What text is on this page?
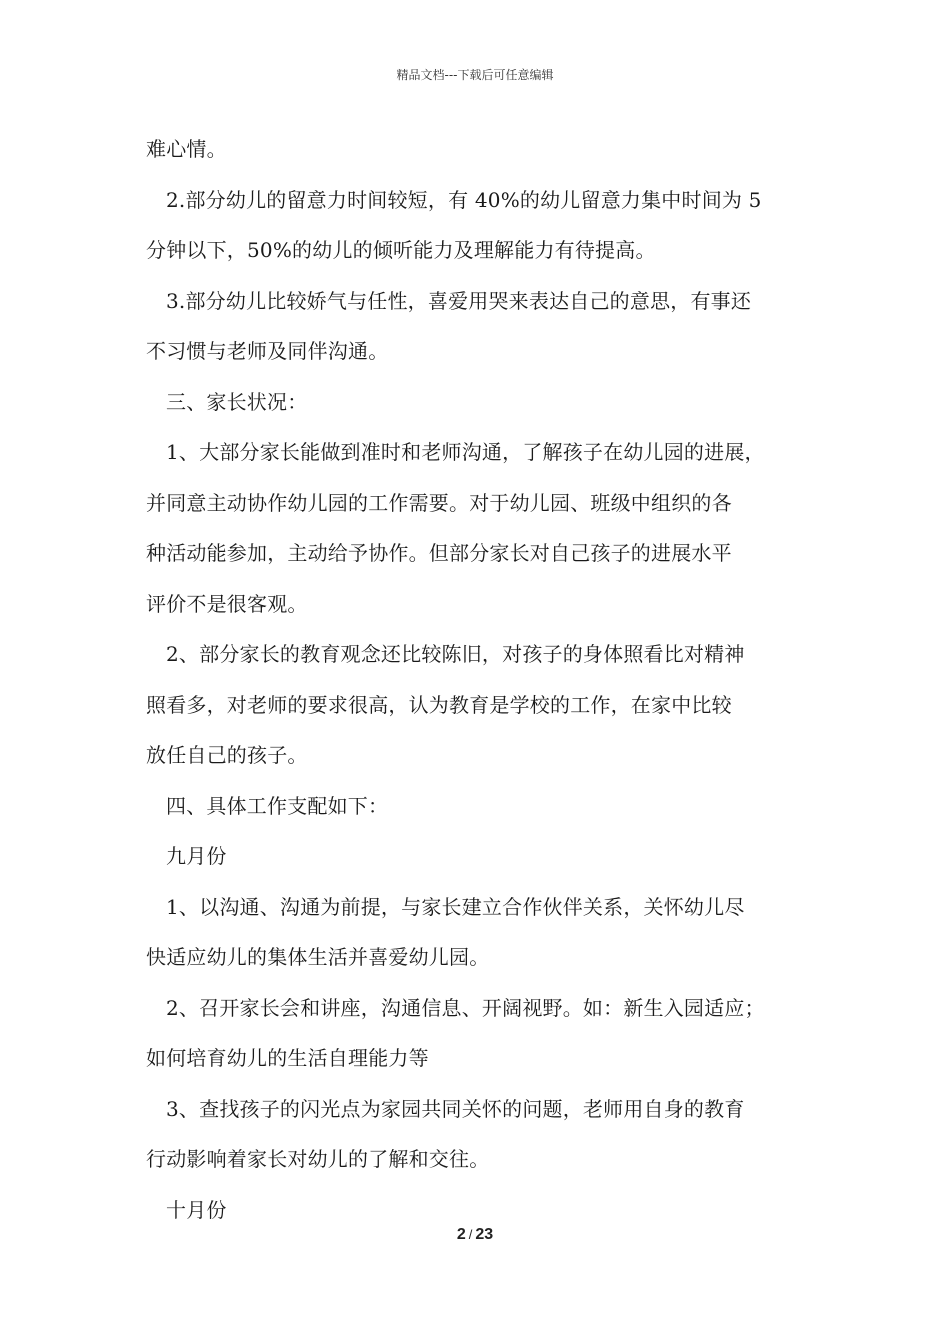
精品文档---下载后可任意编辑
难心情。
2.部分幼儿的留意力时间较短，有 40%的幼儿留意力集中时间为 5
分钟以下，50%的幼儿的倾听能力及理解能力有待提高。
3.部分幼儿比较娇气与任性，喜爱用哭来表达自己的意思，有事还
不习惯与老师及同伴沟通。
三、家长状况：
1、大部分家长能做到准时和老师沟通，了解孩子在幼儿园的进展，
并同意主动协作幼儿园的工作需要。对于幼儿园、班级中组织的各
种活动能参加，主动给予协作。但部分家长对自己孩子的进展水平
评价不是很客观。
2、部分家长的教育观念还比较陈旧，对孩子的身体照看比对精神
照看多，对老师的要求很高，认为教育是学校的工作，在家中比较
放任自己的孩子。
四、具体工作支配如下：
九月份
1、以沟通、沟通为前提，与家长建立合作伙伴关系，关怀幼儿尽
快适应幼儿的集体生活并喜爱幼儿园。
2、召开家长会和讲座，沟通信息、开阔视野。如：新生入园适应；
如何培育幼儿的生活自理能力等
3、查找孩子的闪光点为家园共同关怀的问题，老师用自身的教育
行动影响着家长对幼儿的了解和交往。
十月份
2 / 23
